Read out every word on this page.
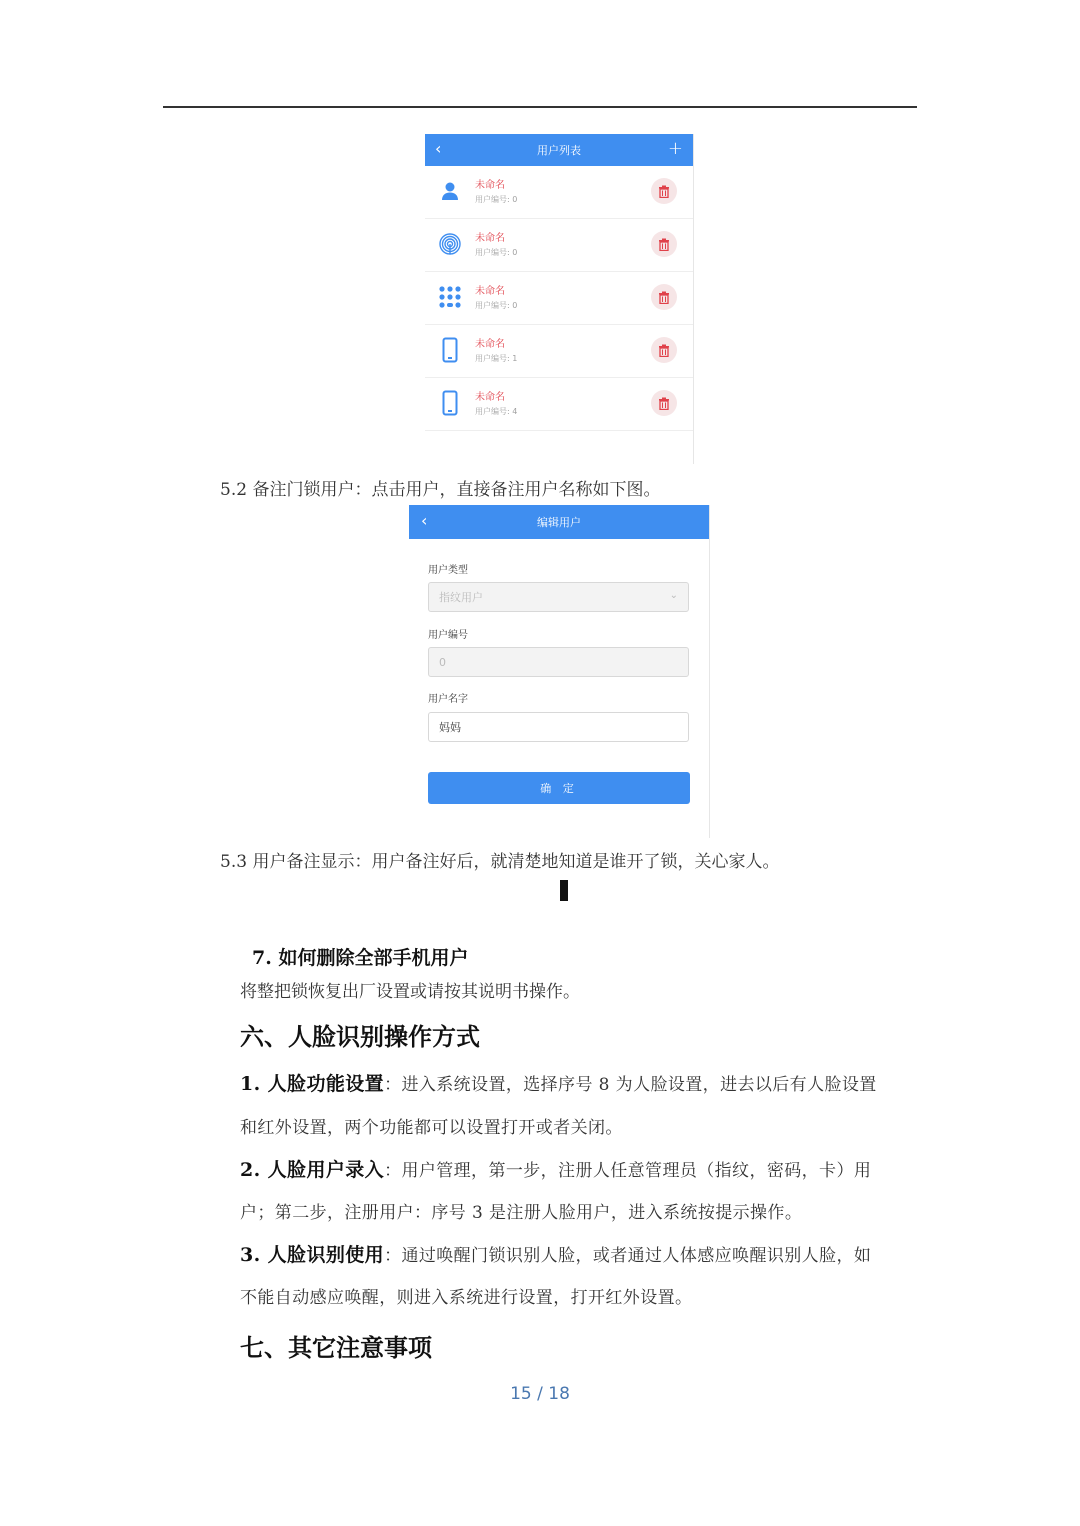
‹	用户列表	+
未命名
用户编号: 0
未命名
用户编号: 0
未命名
用户编号: 0
未命名
用户编号: 1
未命名
用户编号: 4
5.2 备注门锁用户：点击用户，直接备注用户名称如下图。
‹	编辑用户
用户类型
指纹用户	⌄
用户编号
0
用户名字
妈妈
确 定
5.3 用户备注显示：用户备注好后，就清楚地知道是谁开了锁，关心家人。
7. 如何删除全部手机用户
将整把锁恢复出厂设置或请按其说明书操作。
六、人脸识别操作方式
1. 人脸功能设置：进入系统设置，选择序号 8 为人脸设置，进去以后有人脸设置
和红外设置，两个功能都可以设置打开或者关闭。
2. 人脸用户录入：用户管理，第一步，注册人任意管理员（指纹，密码，卡）用
户；第二步，注册用户：序号 3 是注册人脸用户，进入系统按提示操作。
3. 人脸识别使用：通过唤醒门锁识别人脸，或者通过人体感应唤醒识别人脸，如
不能自动感应唤醒，则进入系统进行设置，打开红外设置。
七、其它注意事项
15 / 18
